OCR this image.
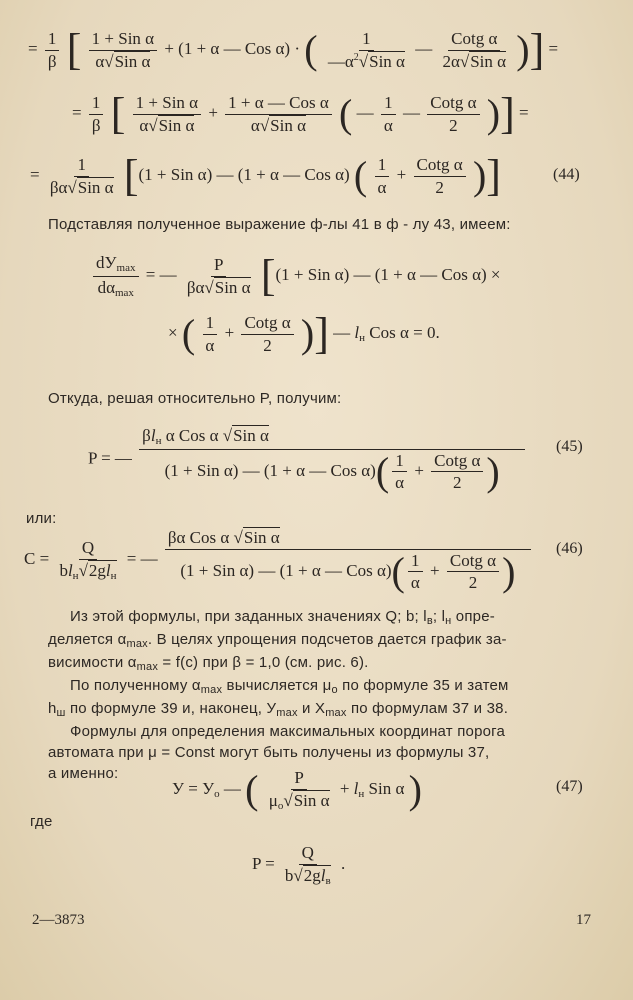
= $\frac{1}{\beta}$ [ $\frac{\text{1 + Sin α}}{\text{α√Sin α}} + (1 + \alpha$ — Cos α) · ( $\frac{1}{—\alpha^2√Sin \alpha}$ — $\frac{\text{Cotg α}}{\text{2α√Sin α}}$ )] =
= $\frac{1}{\beta}$ [ $\frac{\text{1 + Sin α}}{\text{α√Sin α}} + \frac{\text{1 + α — Cos α}}{\text{α√Sin α}}$ ( — $\frac{1}{\alpha}$ — $\frac{\text{Cotg α}}{2}$ )] =
= $\frac{1}{\text{βα√Sin α}} [(1$ + Sin α) — (1 + α — Cos α) ( $\frac{1}{\alpha} + \frac{\text{Cotg α}}{2}$ )]	(44)
Подставляя полученное выражение ф-лы 41 в ф - лу 43, имеем:
$\frac{dУ_{max}}{d\alpha_{max}}$ = — $\frac{P}{\text{βα√Sin α}} [(1$ + Sin α) — (1 + α — Cos α) ×
× ( $\frac{1}{\alpha} + \frac{\text{Cotg α}}{2}$ )] — $l_н$ Cos α = 0.
Откуда, решая относительно P, получим:
P = — $\frac{\beta l_н \alpha Cos \alpha √Sin \alpha}{(1 + Sin \alpha) — (1 + \alpha — Cos \alpha)( \frac{1}{\alpha} + \frac{\text{Cotg α}}{2} )} (45)$
или:
$C = \frac{Q}{bl_н√2gl_н}$ = — $\frac{\text{βα Cos α √Sin α}}{(1 + Sin \alpha) — (1 + \alpha — Cos \alpha)( \frac{1}{\alpha} + \frac{\text{Cotg α}}{2} )} (46)$
Из этой формулы, при заданных значениях Q; b; $l_в$; $l_н$ опре-
деляется $\alpha_{max}$. В целях упрощения подсчетов дается график за-
висимости $\alpha_{max} = f(c)$ при β = 1,0 (см. рис. 6).
По полученному $\alpha_{max}$ вычисляется $\mu_o$ по формуле 35 и затем
$h_ш$ по формуле 39 и, наконец, $У_{max}$ и $X_{max}$ по формулам 37 и 38.
Формулы для определения максимальных координат порога
автомата при μ = Const могут быть получены из формулы 37,
а именно:
$У = У_o$ — ( $\frac{P}{\mu_o√Sin \alpha} + l_н$ Sin α )	(47)
где
$P = \frac{Q}{b√2gl_в}$ .
2—3873	17
